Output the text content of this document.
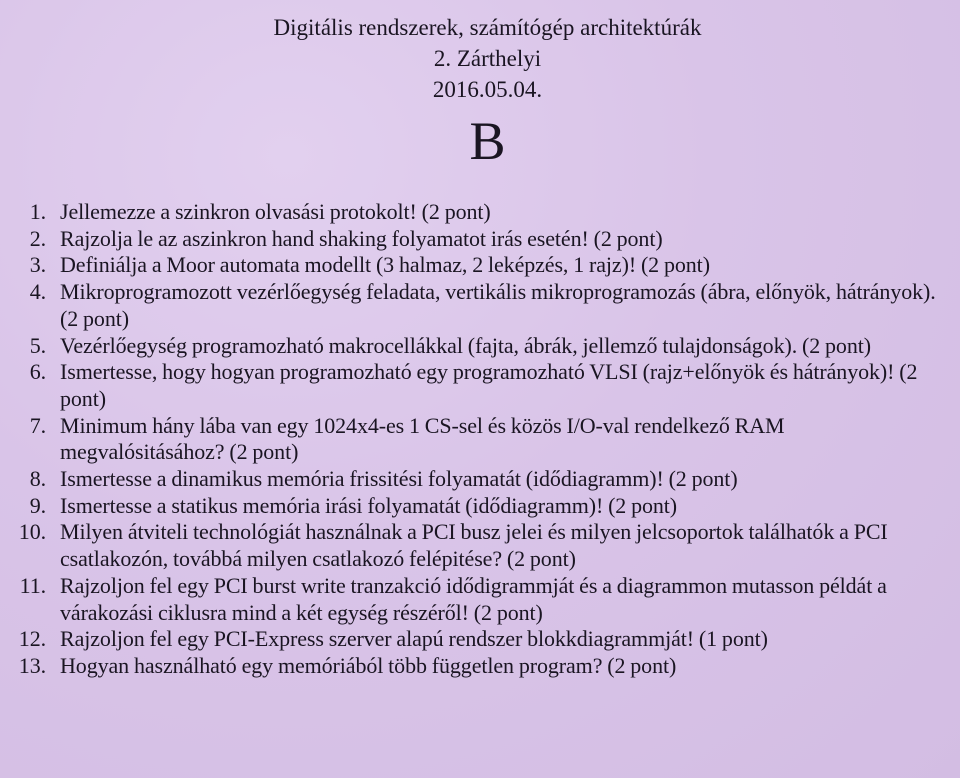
Digitális rendszerek, számítógép architektúrák

2. Zárthelyi

2016.05.04.

B
1. Jellemezze a szinkron olvasási protokolt! (2 pont)
2. Rajzolja le az aszinkron hand shaking folyamatot irás esetén! (2 pont)
3. Definiálja a Moor automata modellt (3 halmaz, 2 leképzés, 1 rajz)! (2 pont)
4. Mikroprogramozott vezérlőegység feladata, vertikális mikroprogramozás (ábra, előnyök, hátrányok). (2 pont)
5. Vezérlőegység programozható makrocellákkal (fajta, ábrák, jellemző tulajdonságok). (2 pont)
6. Ismertesse, hogy hogyan programozható egy programozható VLSI (rajz+előnyök és hátrányok)! (2 pont)
7. Minimum hány lába van egy 1024x4-es 1 CS-sel és közös I/O-val rendelkező RAM megvalósitásához? (2 pont)
8. Ismertesse a dinamikus memória frissitési folyamatát (idődiagramm)! (2 pont)
9. Ismertesse a statikus memória irási folyamatát (idődiagramm)! (2 pont)
10. Milyen átviteli technológiát használnak a PCI busz jelei és milyen jelcsoportok találhatók a PCI csatlakozón, továbbá milyen csatlakozó felépitése? (2 pont)
11. Rajzoljon fel egy PCI burst write tranzakció idődigrammját és a diagrammon mutasson példát a várakozási ciklusra mind a két egység részéről! (2 pont)
12. Rajzoljon fel egy PCI-Express szerver alapú rendszer blokkdiagrammját! (1 pont)
13. Hogyan használható egy memóriából több független program? (2 pont)
